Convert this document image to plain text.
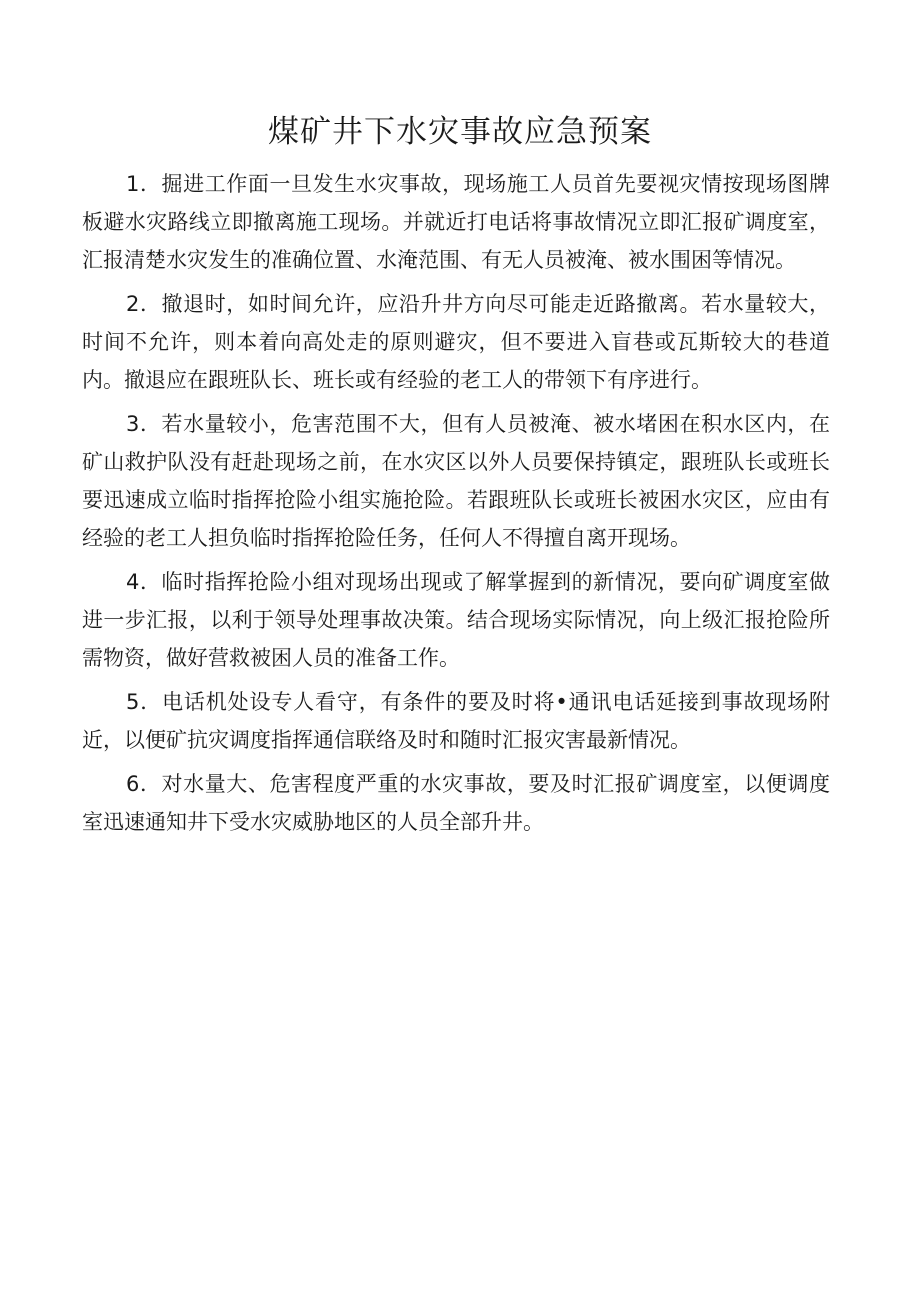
煤矿井下水灾事故应急预案

1．掘进工作面一旦发生水灾事故，现场施工人员首先要视灾情按现场图牌板避水灾路线立即撤离施工现场。并就近打电话将事故情况立即汇报矿调度室，汇报清楚水灾发生的准确位置、水淹范围、有无人员被淹、被水围困等情况。

2．撤退时，如时间允许，应沿升井方向尽可能走近路撤离。若水量较大，时间不允许，则本着向高处走的原则避灾，但不要进入盲巷或瓦斯较大的巷道内。撤退应在跟班队长、班长或有经验的老工人的带领下有序进行。

3．若水量较小，危害范围不大，但有人员被淹、被水堵困在积水区内，在矿山救护队没有赶赴现场之前，在水灾区以外人员要保持镇定，跟班队长或班长要迅速成立临时指挥抢险小组实施抢险。若跟班队长或班长被困水灾区，应由有经验的老工人担负临时指挥抢险任务，任何人不得擅自离开现场。

4．临时指挥抢险小组对现场出现或了解掌握到的新情况，要向矿调度室做进一步汇报，以利于领导处理事故决策。结合现场实际情况，向上级汇报抢险所需物资，做好营救被困人员的准备工作。

5．电话机处设专人看守，有条件的要及时将•通讯电话延接到事故现场附近，以便矿抗灾调度指挥通信联络及时和随时汇报灾害最新情况。

6．对水量大、危害程度严重的水灾事故，要及时汇报矿调度室，以便调度室迅速通知井下受水灾威胁地区的人员全部升井。
